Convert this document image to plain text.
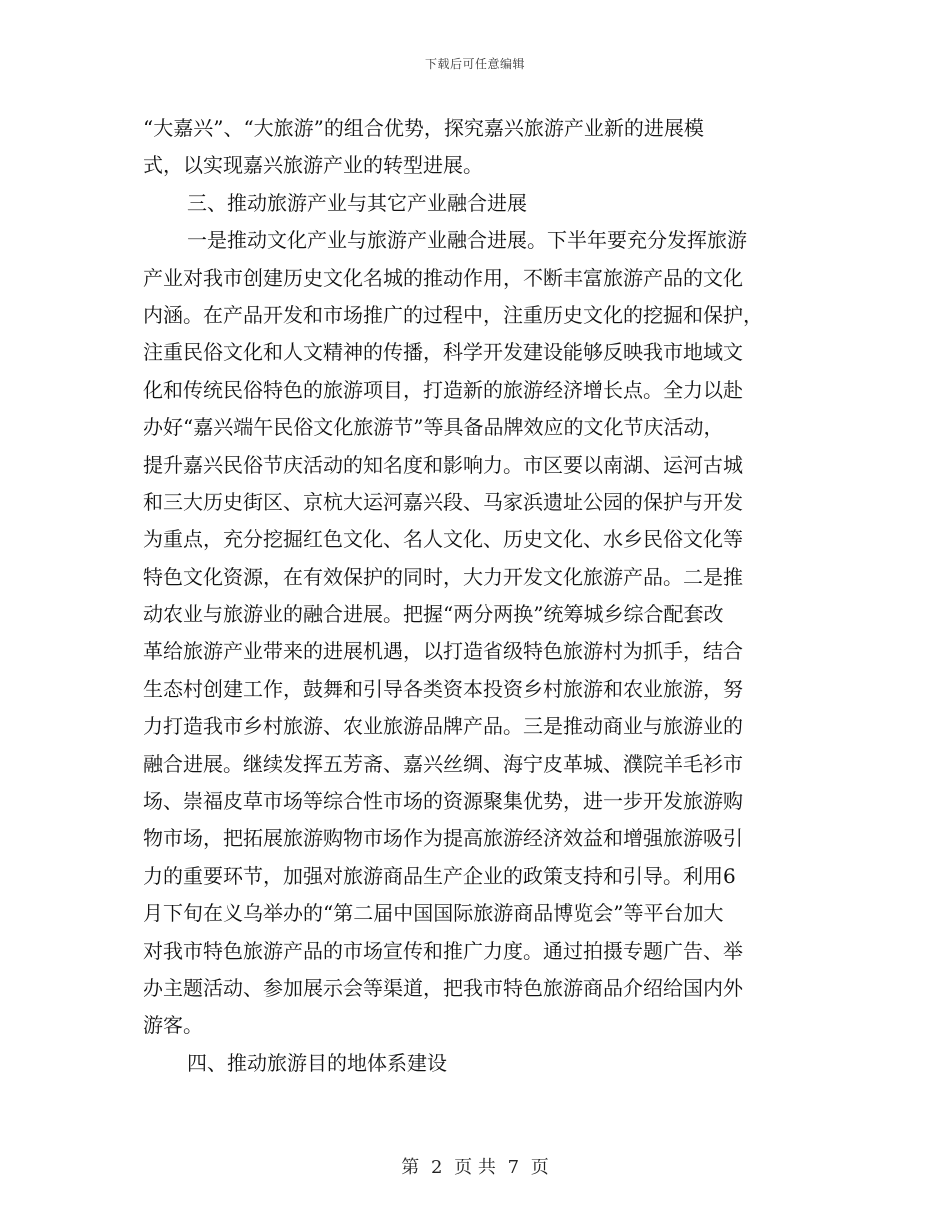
下载后可任意编辑
“大嘉兴”、“大旅游”的组合优势，探究嘉兴旅游产业新的进展模
式，以实现嘉兴旅游产业的转型进展。
三、推动旅游产业与其它产业融合进展
一是推动文化产业与旅游产业融合进展。下半年要充分发挥旅游
产业对我市创建历史文化名城的推动作用，不断丰富旅游产品的文化
内涵。在产品开发和市场推广的过程中，注重历史文化的挖掘和保护，
注重民俗文化和人文精神的传播，科学开发建设能够反映我市地域文
化和传统民俗特色的旅游项目，打造新的旅游经济增长点。全力以赴
办好“嘉兴端午民俗文化旅游节”等具备品牌效应的文化节庆活动，
提升嘉兴民俗节庆活动的知名度和影响力。市区要以南湖、运河古城
和三大历史街区、京杭大运河嘉兴段、马家浜遗址公园的保护与开发
为重点，充分挖掘红色文化、名人文化、历史文化、水乡民俗文化等
特色文化资源，在有效保护的同时，大力开发文化旅游产品。二是推
动农业与旅游业的融合进展。把握“两分两换”统筹城乡综合配套改
革给旅游产业带来的进展机遇，以打造省级特色旅游村为抓手，结合
生态村创建工作，鼓舞和引导各类资本投资乡村旅游和农业旅游，努
力打造我市乡村旅游、农业旅游品牌产品。三是推动商业与旅游业的
融合进展。继续发挥五芳斋、嘉兴丝绸、海宁皮革城、濮院羊毛衫市
场、崇福皮草市场等综合性市场的资源聚集优势，进一步开发旅游购
物市场，把拓展旅游购物市场作为提高旅游经济效益和增强旅游吸引
力的重要环节，加强对旅游商品生产企业的政策支持和引导。利用6
月下旬在义乌举办的“第二届中国国际旅游商品博览会”等平台加大
对我市特色旅游产品的市场宣传和推广力度。通过拍摄专题广告、举
办主题活动、参加展示会等渠道，把我市特色旅游商品介绍给国内外
游客。
四、推动旅游目的地体系建设
第 2 页 共 7 页
